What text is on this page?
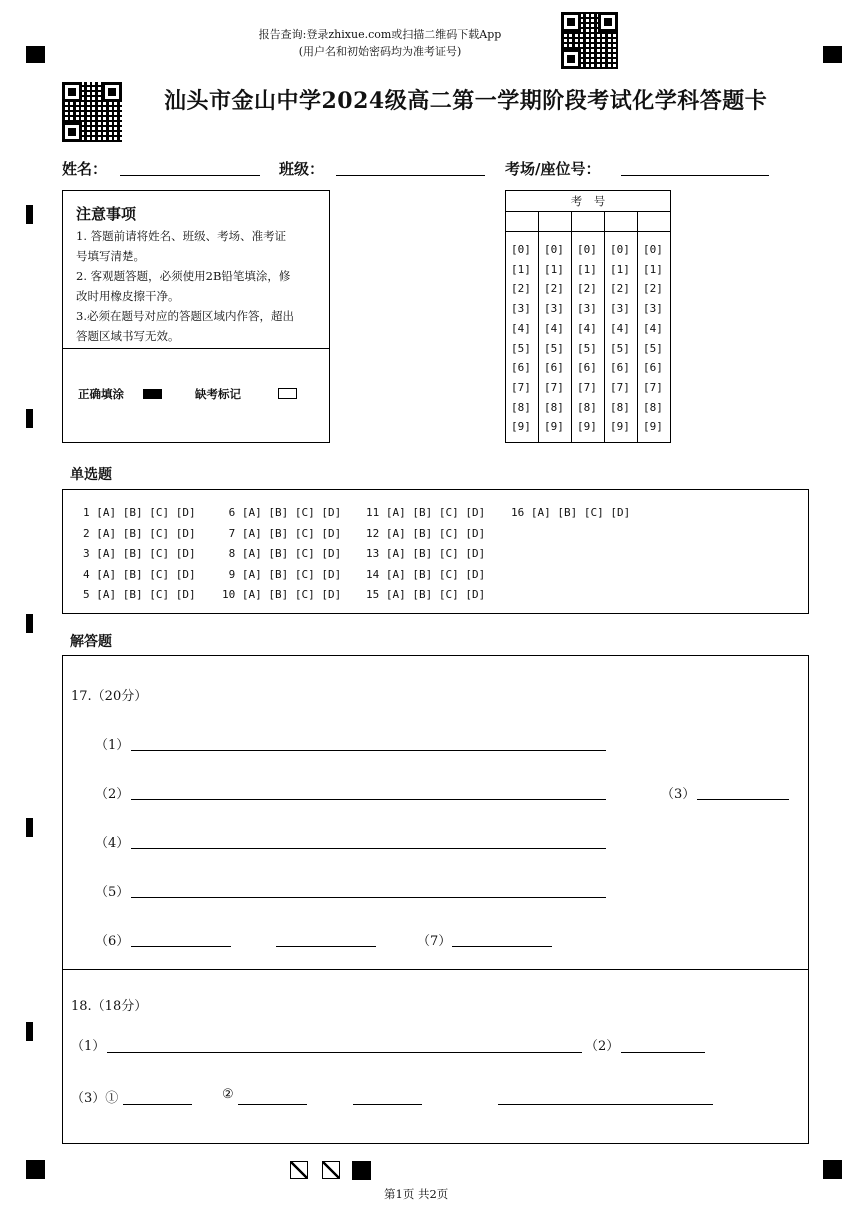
报告查询:登录zhixue.com或扫描二维码下载App
(用户名和初始密码均为准考证号)
汕头市金山中学2024级高二第一学期阶段考试化学科答题卡
姓名：	班级：	考场/座位号：
注意事项
1. 答题前请将姓名、班级、考场、准考证
号填写清楚。
2. 客观题答题，必须使用2B铅笔填涂，修
改时用橡皮擦干净。
3.必须在题号对应的答题区域内作答，超出
答题区域书写无效。
正确填涂	缺考标记
考　号
[0] [0] [0] [0] [0]
[1] [1] [1] [1] [1]
[2] [2] [2] [2] [2]
[3] [3] [3] [3] [3]
[4] [4] [4] [4] [4]
[5] [5] [5] [5] [5]
[6] [6] [6] [6] [6]
[7] [7] [7] [7] [7]
[8] [8] [8] [8] [8]
[9] [9] [9] [9] [9]
单选题
1 [A] [B] [C] [D]
2 [A] [B] [C] [D]
3 [A] [B] [C] [D]
4 [A] [B] [C] [D]
5 [A] [B] [C] [D]
6 [A] [B] [C] [D]
7 [A] [B] [C] [D]
8 [A] [B] [C] [D]
9 [A] [B] [C] [D]
10 [A] [B] [C] [D]
11 [A] [B] [C] [D]
12 [A] [B] [C] [D]
13 [A] [B] [C] [D]
14 [A] [B] [C] [D]
15 [A] [B] [C] [D]
16 [A] [B] [C] [D]
解答题
17.（20分）
（1）
（2）	（3）
（4）
（5）
（6）	（7）
18.（18分）
（1）	（2）
（3）①	②
第1页 共2页
